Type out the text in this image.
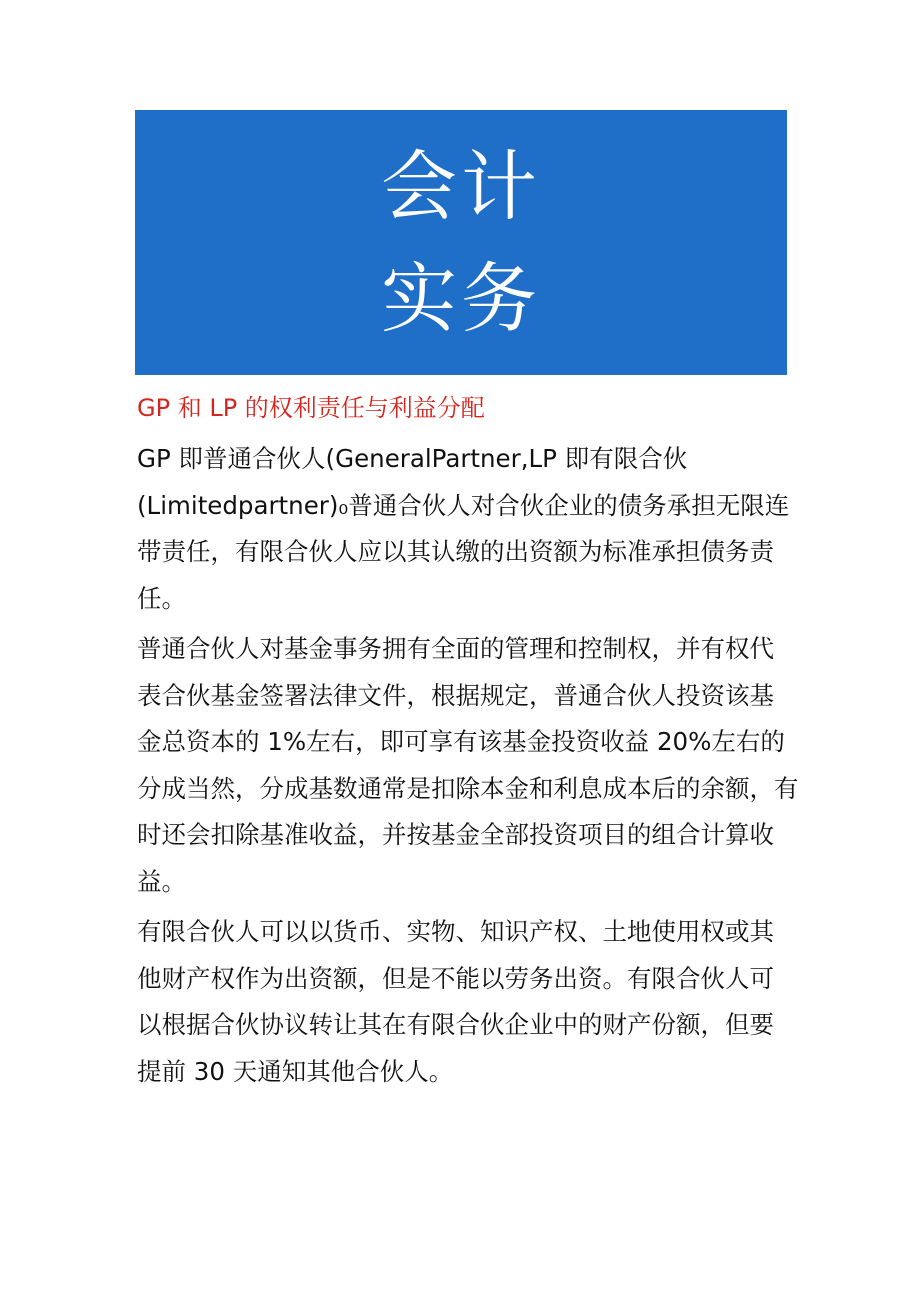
会计
实务
GP 和 LP 的权利责任与利益分配
GP 即普通合伙人(GeneralPartner,LP 即有限合伙
(Limitedpartner)₀普通合伙人对合伙企业的债务承担无限连
带责任，有限合伙人应以其认缴的出资额为标准承担债务责
任。
普通合伙人对基金事务拥有全面的管理和控制权，并有权代
表合伙基金签署法律文件，根据规定，普通合伙人投资该基
金总资本的 1%左右，即可享有该基金投资收益 20%左右的
分成当然，分成基数通常是扣除本金和利息成本后的余额，有
时还会扣除基准收益，并按基金全部投资项目的组合计算收
益。
有限合伙人可以以货币、实物、知识产权、土地使用权或其
他财产权作为出资额，但是不能以劳务出资。有限合伙人可
以根据合伙协议转让其在有限合伙企业中的财产份额，但要
提前 30 天通知其他合伙人。
